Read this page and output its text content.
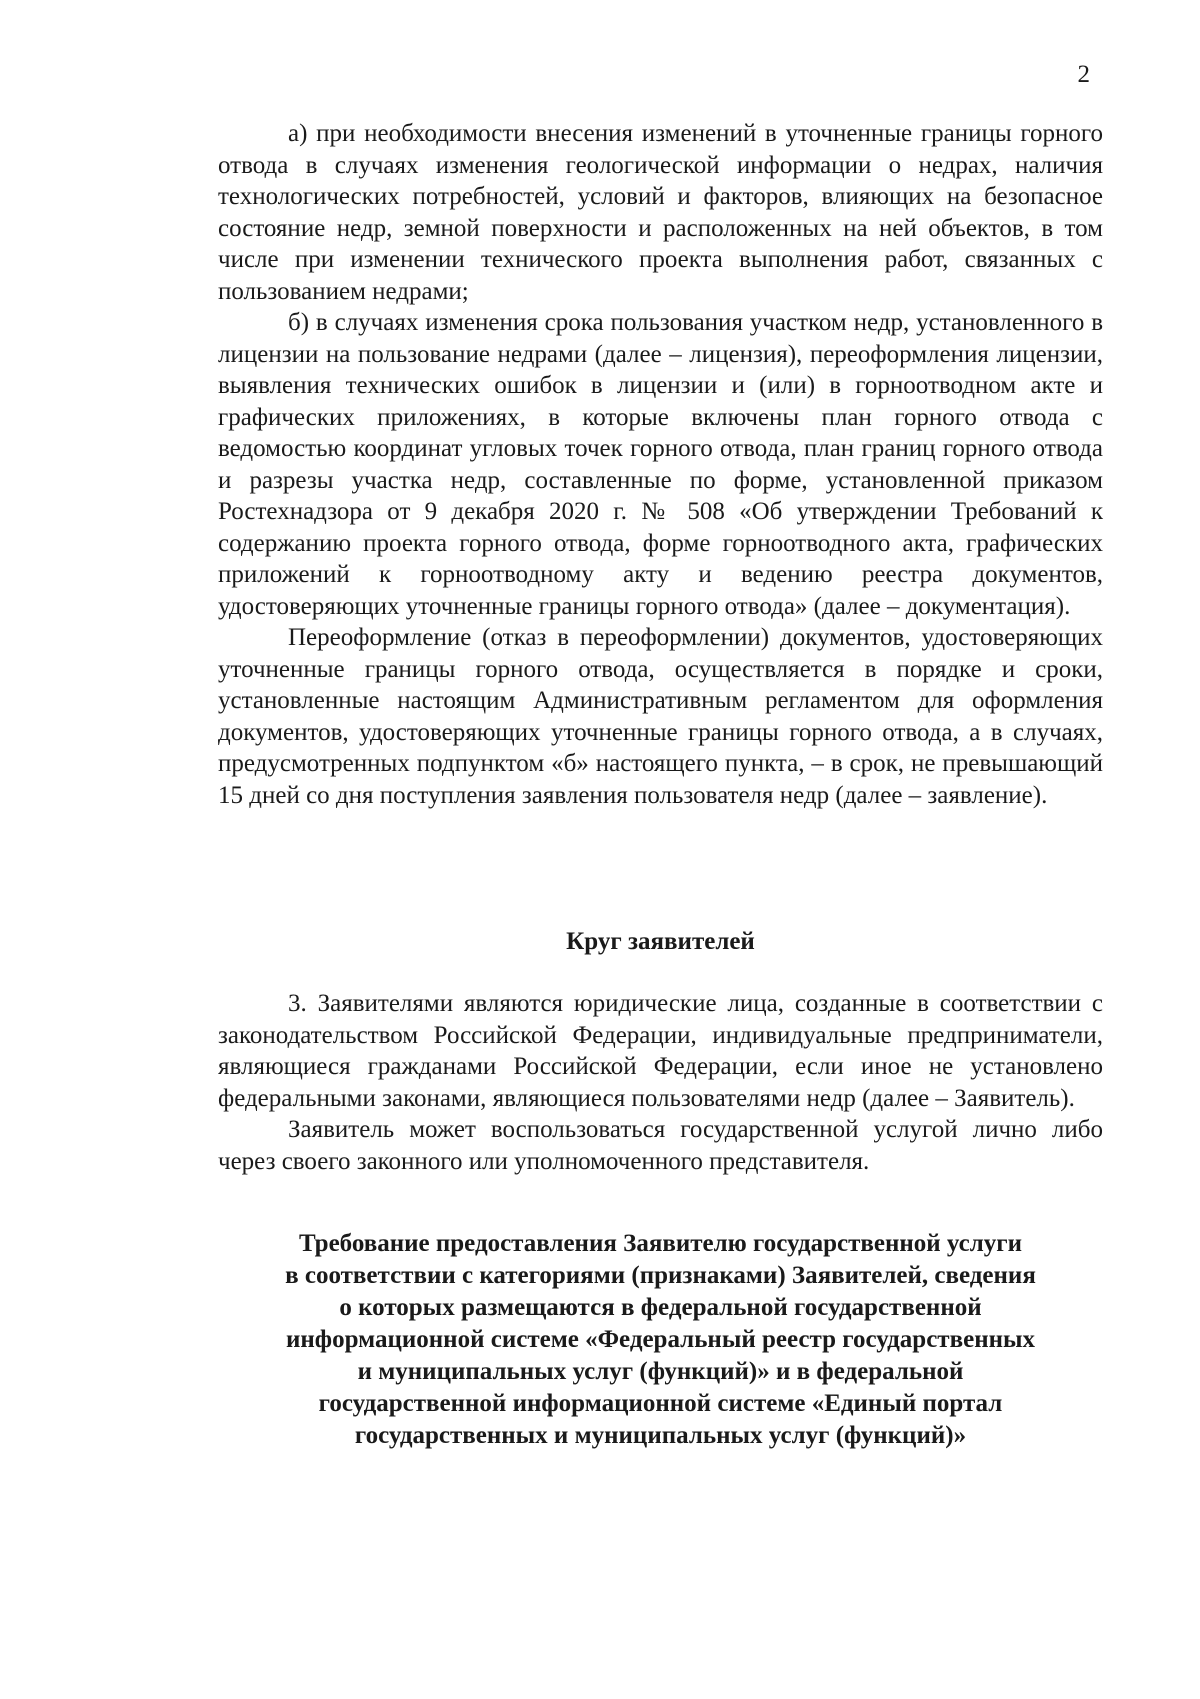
2

а) при необходимости внесения изменений в уточненные границы горного отвода в случаях изменения геологической информации о недрах, наличия технологических потребностей, условий и факторов, влияющих на безопасное состояние недр, земной поверхности и расположенных на ней объектов, в том числе при изменении технического проекта выполнения работ, связанных с пользованием недрами;

б) в случаях изменения срока пользования участком недр, установленного в лицензии на пользование недрами (далее – лицензия), переоформления лицензии, выявления технических ошибок в лицензии и (или) в горноотводном акте и графических приложениях, в которые включены план горного отвода с ведомостью координат угловых точек горного отвода, план границ горного отвода и разрезы участка недр, составленные по форме, установленной приказом Ростехнадзора от 9 декабря 2020 г. № 508 «Об утверждении Требований к содержанию проекта горного отвода, форме горноотводного акта, графических приложений к горноотводному акту и ведению реестра документов, удостоверяющих уточненные границы горного отвода» (далее – документация).

Переоформление (отказ в переоформлении) документов, удостоверяющих уточненные границы горного отвода, осуществляется в порядке и сроки, установленные настоящим Административным регламентом для оформления документов, удостоверяющих уточненные границы горного отвода, а в случаях, предусмотренных подпунктом «б» настоящего пункта, – в срок, не превышающий 15 дней со дня поступления заявления пользователя недр (далее – заявление).

Круг заявителей

3. Заявителями являются юридические лица, созданные в соответствии с законодательством Российской Федерации, индивидуальные предприниматели, являющиеся гражданами Российской Федерации, если иное не установлено федеральными законами, являющиеся пользователями недр (далее – Заявитель).

Заявитель может воспользоваться государственной услугой лично либо через своего законного или уполномоченного представителя.

Требование предоставления Заявителю государственной услуги

в соответствии с категориями (признаками) Заявителей, сведения

о которых размещаются в федеральной государственной

информационной системе «Федеральный реестр государственных

и муниципальных услуг (функций)» и в федеральной

государственной информационной системе «Единый портал

государственных и муниципальных услуг (функций)»
